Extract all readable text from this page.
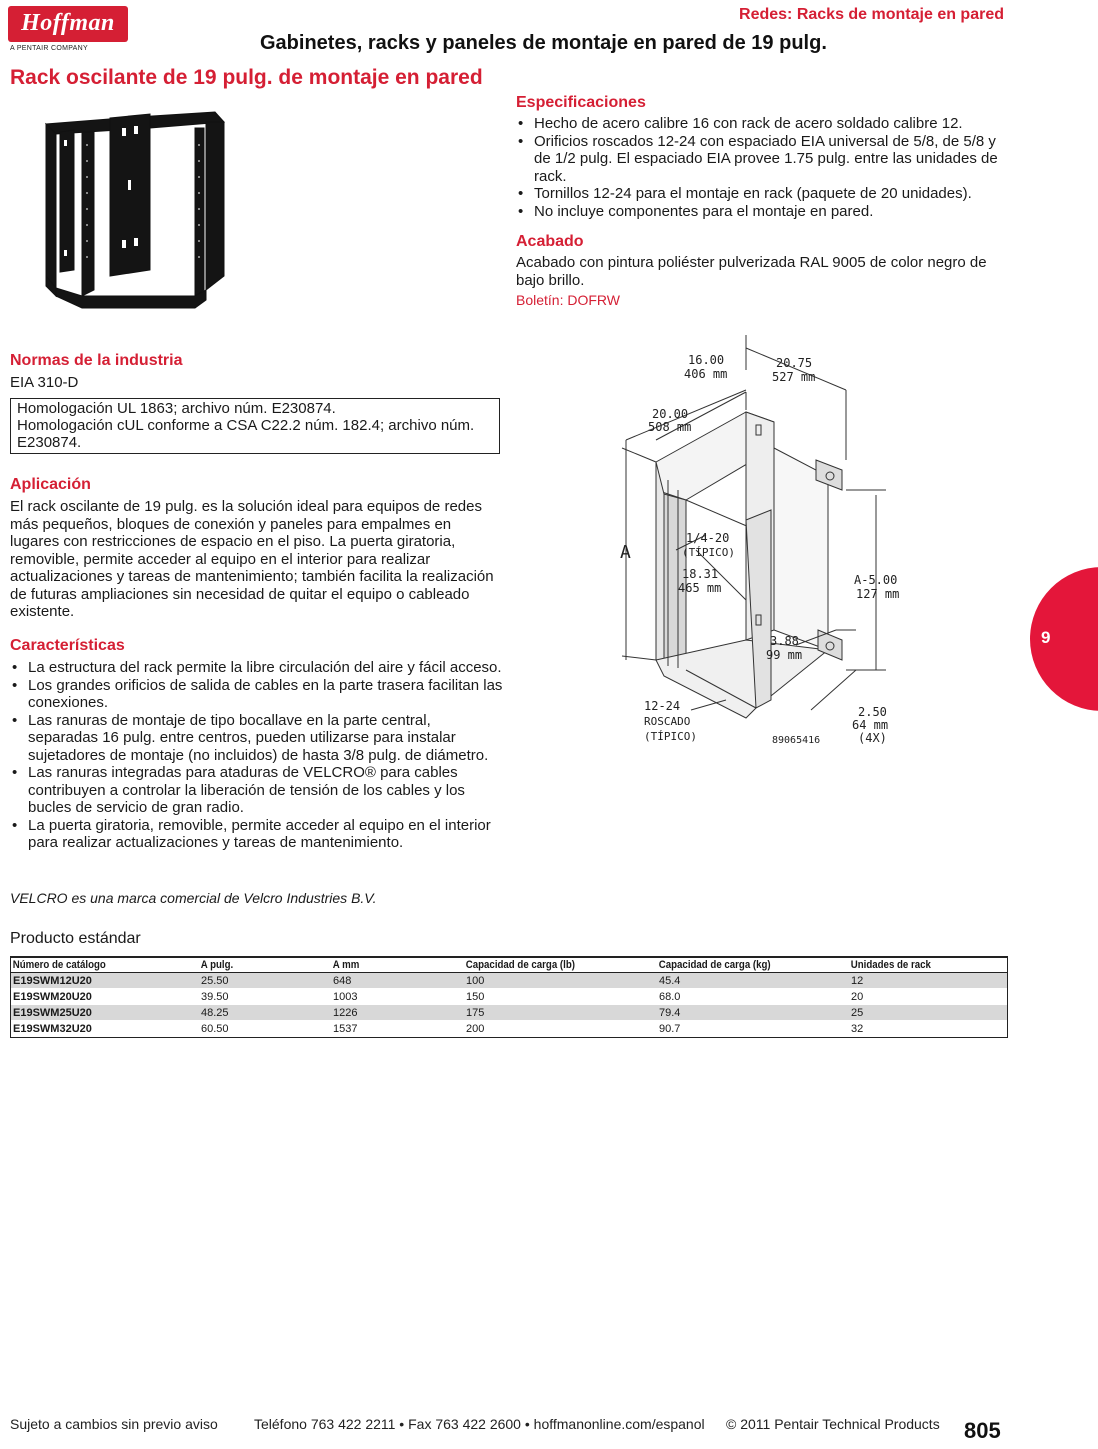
Hoffman
A PENTAIR COMPANY
Redes: Racks de montaje en pared
Gabinetes, racks y paneles de montaje en pared de 19 pulg.
Rack oscilante de 19 pulg. de montaje en pared
Especificaciones
• Hecho de acero calibre 16 con rack de acero soldado calibre 12.
• Orificios roscados 12-24 con espaciado EIA universal de 5/8, de 5/8 y de 1/2 pulg. El espaciado EIA provee 1.75 pulg. entre las unidades de rack.
• Tornillos 12-24 para el montaje en rack (paquete de 20 unidades).
• No incluye componentes para el montaje en pared.
Acabado
Acabado con pintura poliéster pulverizada RAL 9005 de color negro de bajo brillo.
Boletín: DOFRW
Normas de la industria
EIA 310-D
Homologación UL 1863; archivo núm. E230874.
Homologación cUL conforme a CSA C22.2 núm. 182.4; archivo núm. E230874.
Aplicación
El rack oscilante de 19 pulg. es la solución ideal para equipos de redes más pequeños, bloques de conexión y paneles para empalmes en lugares con restricciones de espacio en el piso. La puerta giratoria, removible, permite acceder al equipo en el interior para realizar actualizaciones y tareas de mantenimiento; también facilita la realización de futuras ampliaciones sin necesidad de quitar el equipo o cableado existente.
Características
• La estructura del rack permite la libre circulación del aire y fácil acceso.
• Los grandes orificios de salida de cables en la parte trasera facilitan las conexiones.
• Las ranuras de montaje de tipo bocallave en la parte central, separadas 16 pulg. entre centros, pueden utilizarse para instalar sujetadores de montaje (no incluidos) de hasta 3/8 pulg. de diámetro.
• Las ranuras integradas para ataduras de VELCRO® para cables contribuyen a controlar la liberación de tensión de los cables y los bucles de servicio de gran radio.
• La puerta giratoria, removible, permite acceder al equipo en el interior para realizar actualizaciones y tareas de mantenimiento.
VELCRO es una marca comercial de Velcro Industries B.V.
16.00
406 mm
20.75
527 mm
20.00
508 mm
A
1/4-20
(TÍPICO)
18.31
465 mm
A-5.00
127 mm
3.88
99 mm
12-24
ROSCADO
(TÍPICO)
2.50
64 mm
(4X)
89065416
9
Producto estándar
Número de catálogo	A pulg.	A mm	Capacidad de carga (lb)	Capacidad de carga (kg)	Unidades de rack
E19SWM12U20	25.50	648	100	45.4	12
E19SWM20U20	39.50	1003	150	68.0	20
E19SWM25U20	48.25	1226	175	79.4	25
E19SWM32U20	60.50	1537	200	90.7	32
Sujeto a cambios sin previo aviso	Teléfono 763 422 2211 • Fax 763 422 2600 • hoffmanonline.com/espanol © 2011 Pentair Technical Products 805
